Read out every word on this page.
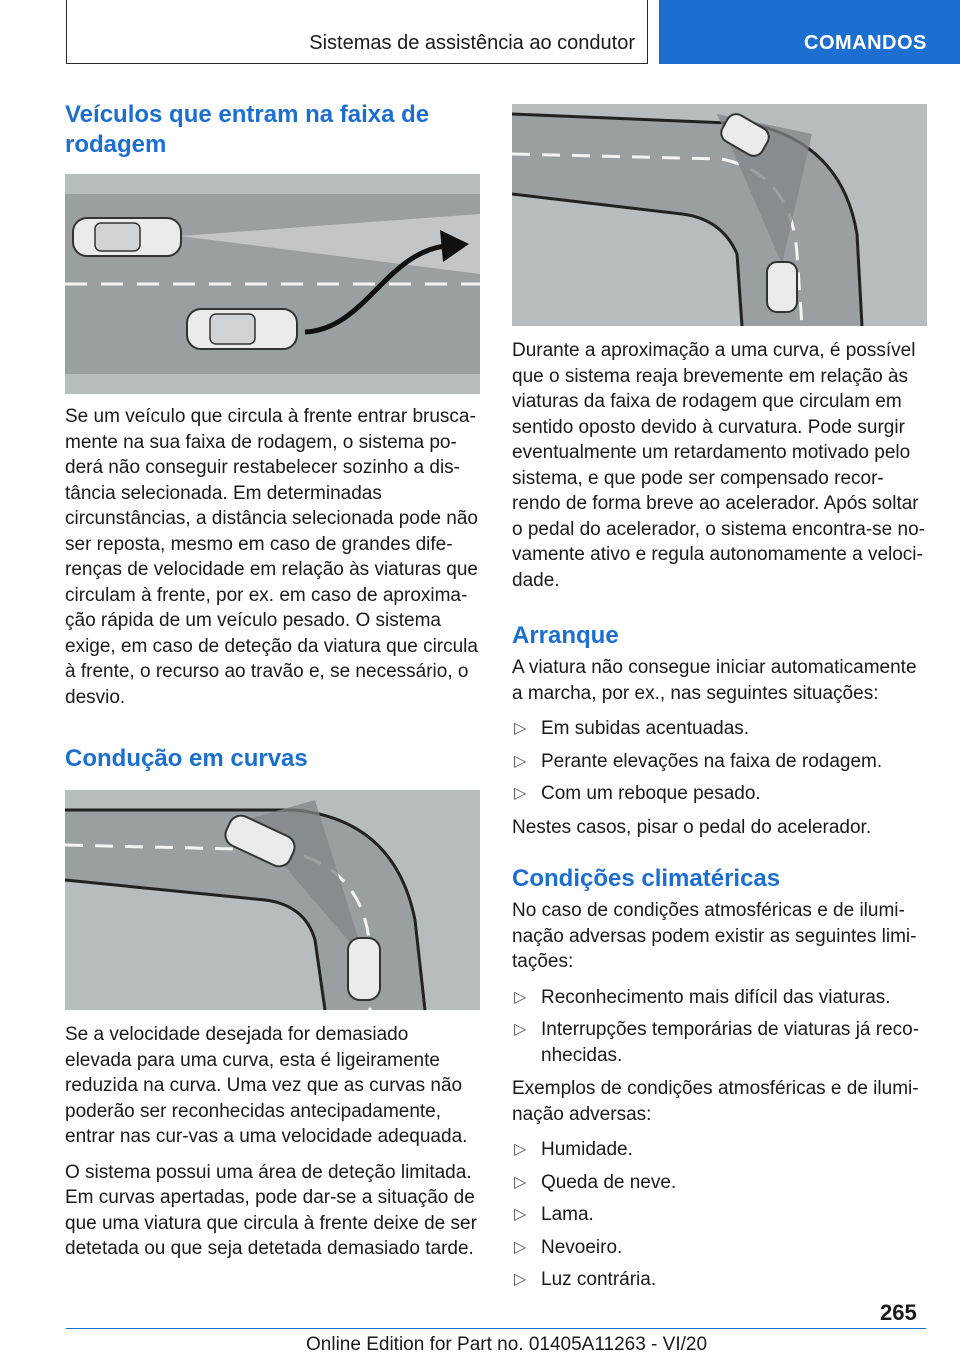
Sistemas de assistência ao condutor	COMANDOS
Veículos que entram na faixa de rodagem

Se um veículo que circula à frente entrar brusca-mente na sua faixa de rodagem, o sistema po-derá não conseguir restabelecer sozinho a dis-tância selecionada. Em determinadas circunstâncias, a distância selecionada pode não ser reposta, mesmo em caso de grandes dife-renças de velocidade em relação às viaturas que circulam à frente, por ex. em caso de aproxima-ção rápida de um veículo pesado. O sistema exige, em caso de deteção da viatura que circula à frente, o recurso ao travão e, se necessário, o desvio.

Condução em curvas

Se a velocidade desejada for demasiado elevada para uma curva, esta é ligeiramente reduzida na curva. Uma vez que as curvas não poderão ser reconhecidas antecipadamente, entrar nas cur-vas a uma velocidade adequada.

O sistema possui uma área de deteção limitada. Em curvas apertadas, pode dar-se a situação de que uma viatura que circula à frente deixe de ser detetada ou que seja detetada demasiado tarde.

Durante a aproximação a uma curva, é possível que o sistema reaja brevemente em relação às viaturas da faixa de rodagem que circulam em sentido oposto devido à curvatura. Pode surgir eventualmente um retardamento motivado pelo sistema, e que pode ser compensado recor-rendo de forma breve ao acelerador. Após soltar o pedal do acelerador, o sistema encontra-se no-vamente ativo e regula autonomamente a veloci-dade.

Arranque

A viatura não consegue iniciar automaticamente a marcha, por ex., nas seguintes situações:

▷ Em subidas acentuadas.
▷ Perante elevações na faixa de rodagem.
▷ Com um reboque pesado.

Nestes casos, pisar o pedal do acelerador.

Condições climatéricas

No caso de condições atmosféricas e de ilumi-nação adversas podem existir as seguintes limi-tações:

▷ Reconhecimento mais difícil das viaturas.
▷ Interrupções temporárias de viaturas já reco-nhecidas.

Exemplos de condições atmosféricas e de ilumi-nação adversas:

▷ Humidade.
▷ Queda de neve.
▷ Lama.
▷ Nevoeiro.
▷ Luz contrária.
265
Online Edition for Part no. 01405A11263 - VI/20
